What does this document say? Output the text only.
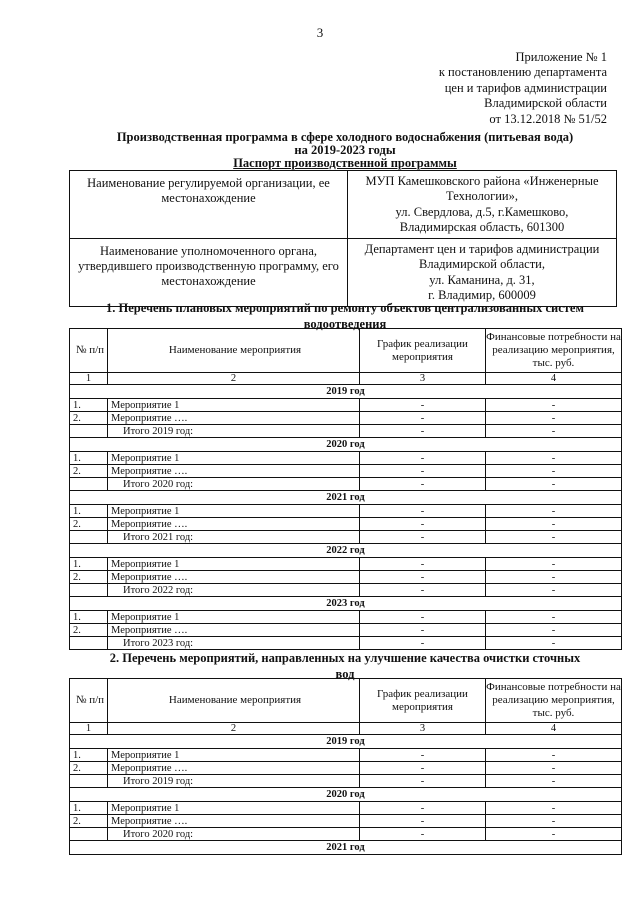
3
Приложение № 1
к постановлению департамента
цен и тарифов администрации
Владимирской области
от 13.12.2018 № 51/52
Производственная программа в сфере холодного водоснабжения (питьевая вода)
на 2019-2023 годы
Паспорт производственной программы
Наименование регулируемой организации, ее местонахождение	МУП Камешковского района «Инженерные Технологии»,
ул. Свердлова, д.5, г.Камешково,
Владимирская область, 601300

Наименование уполномоченного органа, утвердившего производственную программу, его местонахождение	Департамент цен и тарифов администрации
Владимирской области,
ул. Каманина, д. 31,
г. Владимир, 600009
1. Перечень плановых мероприятий по ремонту объектов централизованных систем водоотведения
№ п/п	Наименование мероприятия	График реализации мероприятия	Финансовые потребности на реализацию мероприятия, тыс. руб.
1	2	3	4
2019 год			
1.	Мероприятие 1	-	-
2.	Мероприятие ….	-	-
	Итого 2019 год:	-	-
2020 год			
1.	Мероприятие 1	-	-
2.	Мероприятие ….	-	-
	Итого 2020 год:	-	-
2021 год			
1.	Мероприятие 1	-	-
2.	Мероприятие ….	-	-
	Итого 2021 год:	-	-
2022 год			
1.	Мероприятие 1	-	-
2.	Мероприятие ….	-	-
	Итого 2022 год:	-	-
2023 год			
1.	Мероприятие 1	-	-
2.	Мероприятие ….	-	-
	Итого 2023 год:	-	-
2. Перечень мероприятий, направленных на улучшение качества очистки сточных вод
№ п/п	Наименование мероприятия	График реализации мероприятия	Финансовые потребности на реализацию мероприятия, тыс. руб.
1	2	3	4
2019 год			
1.	Мероприятие 1	-	-
2.	Мероприятие ….	-	-
	Итого 2019 год:	-	-
2020 год			
1.	Мероприятие 1	-	-
2.	Мероприятие ….	-	-
	Итого 2020 год:	-	-
2021 год			
